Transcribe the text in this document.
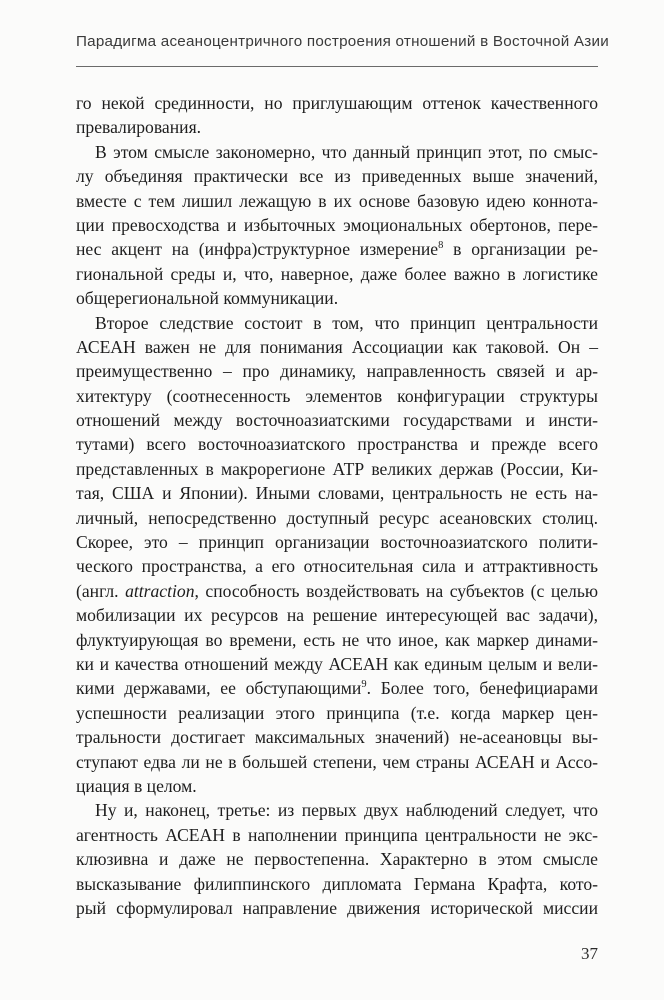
Парадигма асеаноцентричного построения отношений в Восточной Азии
го некой срединности, но приглушающим оттенок качественного
превалирования.
В этом смысле закономерно, что данный принцип этот, по смыс-
лу объединяя практически все из приведенных выше значений,
вместе с тем лишил лежащую в их основе базовую идею коннота-
ции превосходства и избыточных эмоциональных обертонов, пере-
нес акцент на (инфра)структурное измерение$^8$ в организации ре-
гиональной среды и, что, наверное, даже более важно в логистике
общерегиональной коммуникации.
Второе следствие состоит в том, что принцип центральности
АСЕАН важен не для понимания Ассоциации как таковой. Он –
преимущественно – про динамику, направленность связей и ар-
хитектуру (соотнесенность элементов конфигурации структуры
отношений между восточноазиатскими государствами и инсти-
тутами) всего восточноазиатского пространства и прежде всего
представленных в макрорегионе АТР великих держав (России, Ки-
тая, США и Японии). Иными словами, центральность не есть на-
личный, непосредственно доступный ресурс асеановских столиц.
Скорее, это – принцип организации восточноазиатского полити-
ческого пространства, а его относительная сила и аттрактивность
(англ. attraction, способность воздействовать на субъектов (с целью
мобилизации их ресурсов на решение интересующей вас задачи),
флуктуирующая во времени, есть не что иное, как маркер динами-
ки и качества отношений между АСЕАН как единым целым и вели-
кими державами, ее обступающими$^9$. Более того, бенефициарами
успешности реализации этого принципа (т.е. когда маркер цен-
тральности достигает максимальных значений) не-асеановцы вы-
ступают едва ли не в большей степени, чем страны АСЕАН и Ассо-
циация в целом.
Ну и, наконец, третье: из первых двух наблюдений следует, что
агентность АСЕАН в наполнении принципа центральности не экс-
клюзивна и даже не первостепенна. Характерно в этом смысле
высказывание филиппинского дипломата Германа Крафта, кото-
рый сформулировал направление движения исторической миссии
37
